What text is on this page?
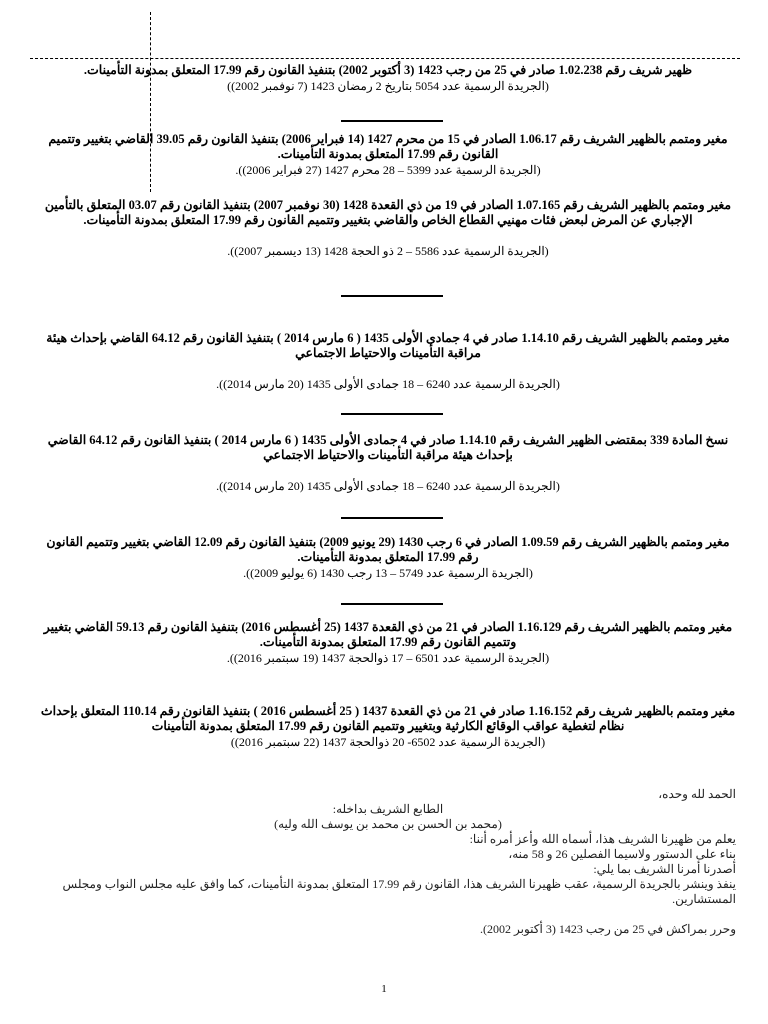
ظهير شريف رقم 1.02.238 صادر في 25 من رجب 1423 (3 أكتوبر 2002) بتنفيذ القانون رقم 17.99 المتعلق بمدونة التأمينات.
(الجريدة الرسمية عدد 5054 بتاريخ 2 رمضان 1423 (7 نوفمبر 2002))
مغير ومتمم بالظهير الشريف رقم 1.06.17 الصادر في 15 من محرم 1427 (14 فبراير 2006) بتنفيذ القانون رقم 39.05 القاضي بتغيير وتتميم القانون رقم 17.99 المتعلق بمدونة التأمينات.
(الجريدة الرسمية عدد 5399 – 28 محرم 1427 (27 فبراير 2006)).
مغير ومتمم بالظهير الشريف رقم 1.07.165 الصادر في 19 من ذي القعدة 1428 (30 نوفمبر 2007) بتنفيذ القانون رقم 03.07 المتعلق بالتأمين الإجباري عن المرض لبعض فئات مهنيي القطاع الخاص والقاضي بتغيير وتتميم القانون رقم 17.99 المتعلق بمدونة التأمينات.
(الجريدة الرسمية عدد 5586 – 2 ذو الحجة 1428 (13 ديسمبر 2007)).
مغير ومتمم بالظهير الشريف رقم 1.14.10 صادر في 4 جمادى الأولى 1435 ( 6 مارس 2014 ) بتنفيذ القانون رقم 64.12 القاضي بإحداث هيئة مراقبة التأمينات والاحتياط الاجتماعي
(الجريدة الرسمية عدد 6240 – 18 جمادى الأولى 1435 (20 مارس 2014)).
نسخ المادة 339 بمقتضى الظهير الشريف رقم 1.14.10 صادر في 4 جمادى الأولى 1435 ( 6 مارس 2014 ) بتنفيذ القانون رقم 64.12 القاضي بإحداث هيئة مراقبة التأمينات والاحتياط الاجتماعي
(الجريدة الرسمية عدد 6240 – 18 جمادى الأولى 1435 (20 مارس 2014)).
مغير ومتمم بالظهير الشريف رقم 1.09.59 الصادر في 6 رجب 1430 (29 يونيو 2009) بتنفيذ القانون رقم 12.09 القاضي بتغيير وتتميم القانون رقم 17.99 المتعلق بمدونة التأمينات.
(الجريدة الرسمية عدد 5749 – 13 رجب 1430 (6 يوليو 2009)).
مغير ومتمم بالظهير الشريف رقم 1.16.129 الصادر في 21 من ذي القعدة 1437 (25 أغسطس 2016) بتنفيذ القانون رقم 59.13 القاضي بتغيير وتتميم القانون رقم 17.99 المتعلق بمدونة التأمينات.
(الجريدة الرسمية عدد 6501 – 17 ذوالحجة 1437 (19 سبتمبر 2016)).
مغير ومتمم بالظهير شريف رقم 1.16.152 صادر في 21 من ذي القعدة 1437 ( 25 أغسطس 2016 ) بتنفيذ القانون رقم 110.14 المتعلق بإحداث نظام لتغطية عواقب الوقائع الكارثية وبتغيير وتتميم القانون رقم 17.99 المتعلق بمدونة التأمينات
(الجريدة الرسمية عدد 6502- 20 ذوالحجة 1437 (22 سبتمبر 2016))

الحمد لله وحده،

الطابع الشريف بداخله:

(محمد بن الحسن بن محمد بن يوسف الله وليه)

يعلم من ظهيرنا الشريف هذا، أسماه الله وأعز أمره أننا:

بناء على الدستور ولاسيما الفصلين 26 و 58 منه،

أصدرنا أمرنا الشريف بما يلي:

ينفذ وينشر بالجريدة الرسمية، عقب ظهيرنا الشريف هذا، القانون رقم 17.99 المتعلق بمدونة التأمينات، كما وافق عليه مجلس النواب ومجلس المستشارين.

وحرر بمراكش في 25 من رجب 1423 (3 أكتوبر 2002).

1
